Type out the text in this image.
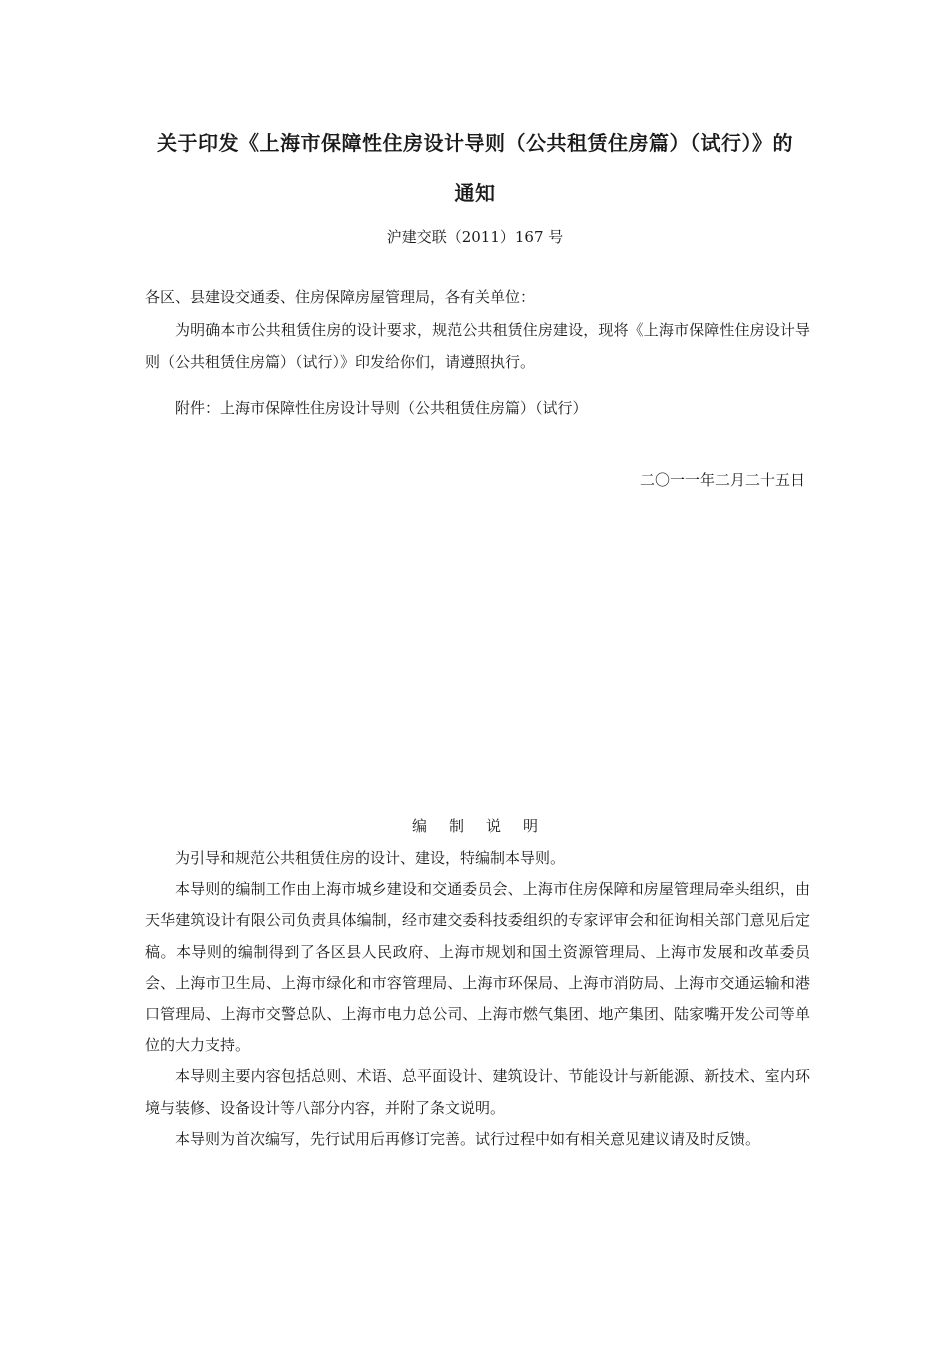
关于印发《上海市保障性住房设计导则（公共租赁住房篇）（试行）》的
通知
沪建交联（2011）167 号

各区、县建设交通委、住房保障房屋管理局，各有关单位：

为明确本市公共租赁住房的设计要求，规范公共租赁住房建设，现将《上海市保障性住房设计导则（公共租赁住房篇）（试行）》印发给你们，请遵照执行。

附件：上海市保障性住房设计导则（公共租赁住房篇）（试行）

二〇一一年二月二十五日
编制说明

为引导和规范公共租赁住房的设计、建设，特编制本导则。

本导则的编制工作由上海市城乡建设和交通委员会、上海市住房保障和房屋管理局牵头组织，由天华建筑设计有限公司负责具体编制，经市建交委科技委组织的专家评审会和征询相关部门意见后定稿。本导则的编制得到了各区县人民政府、上海市规划和国土资源管理局、上海市发展和改革委员会、上海市卫生局、上海市绿化和市容管理局、上海市环保局、上海市消防局、上海市交通运输和港口管理局、上海市交警总队、上海市电力总公司、上海市燃气集团、地产集团、陆家嘴开发公司等单位的大力支持。

本导则主要内容包括总则、术语、总平面设计、建筑设计、节能设计与新能源、新技术、室内环境与装修、设备设计等八部分内容，并附了条文说明。

本导则为首次编写，先行试用后再修订完善。试行过程中如有相关意见建议请及时反馈。
